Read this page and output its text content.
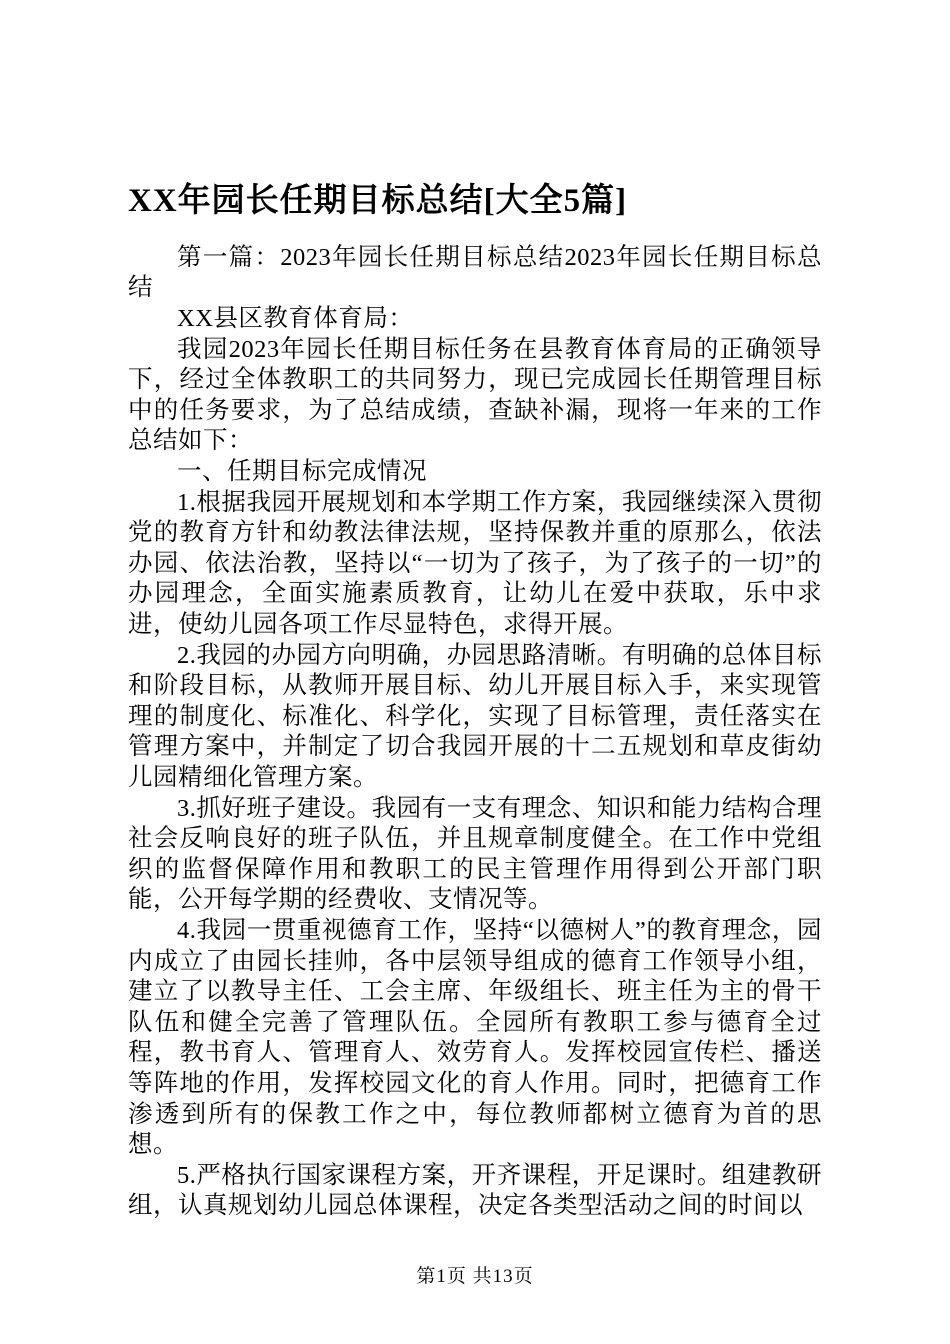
XX年园长任期目标总结[大全5篇]

第一篇：2023年园长任期目标总结2023年园长任期目标总结

XX县区教育体育局：

我园2023年园长任期目标任务在县教育体育局的正确领导下，经过全体教职工的共同努力，现已完成园长任期管理目标中的任务要求，为了总结成绩，查缺补漏，现将一年来的工作总结如下：

一、任期目标完成情况

1.根据我园开展规划和本学期工作方案，我园继续深入贯彻党的教育方针和幼教法律法规，坚持保教并重的原那么，依法办园、依法治教，坚持以“一切为了孩子，为了孩子的一切”的办园理念，全面实施素质教育，让幼儿在爱中获取，乐中求进，使幼儿园各项工作尽显特色，求得开展。

2.我园的办园方向明确，办园思路清晰。有明确的总体目标和阶段目标，从教师开展目标、幼儿开展目标入手，来实现管理的制度化、标准化、科学化，实现了目标管理，责任落实在管理方案中，并制定了切合我园开展的十二五规划和草皮街幼儿园精细化管理方案。

3.抓好班子建设。我园有一支有理念、知识和能力结构合理社会反响良好的班子队伍，并且规章制度健全。在工作中党组织的监督保障作用和教职工的民主管理作用得到公开部门职能，公开每学期的经费收、支情况等。

4.我园一贯重视德育工作，坚持“以德树人”的教育理念，园内成立了由园长挂帅，各中层领导组成的德育工作领导小组，建立了以教导主任、工会主席、年级组长、班主任为主的骨干队伍和健全完善了管理队伍。全园所有教职工参与德育全过程，教书育人、管理育人、效劳育人。发挥校园宣传栏、播送等阵地的作用，发挥校园文化的育人作用。同时，把德育工作渗透到所有的保教工作之中，每位教师都树立德育为首的思想。

5.严格执行国家课程方案，开齐课程，开足课时。组建教研组，认真规划幼儿园总体课程，决定各类型活动之间的时间以

第1页 共13页
